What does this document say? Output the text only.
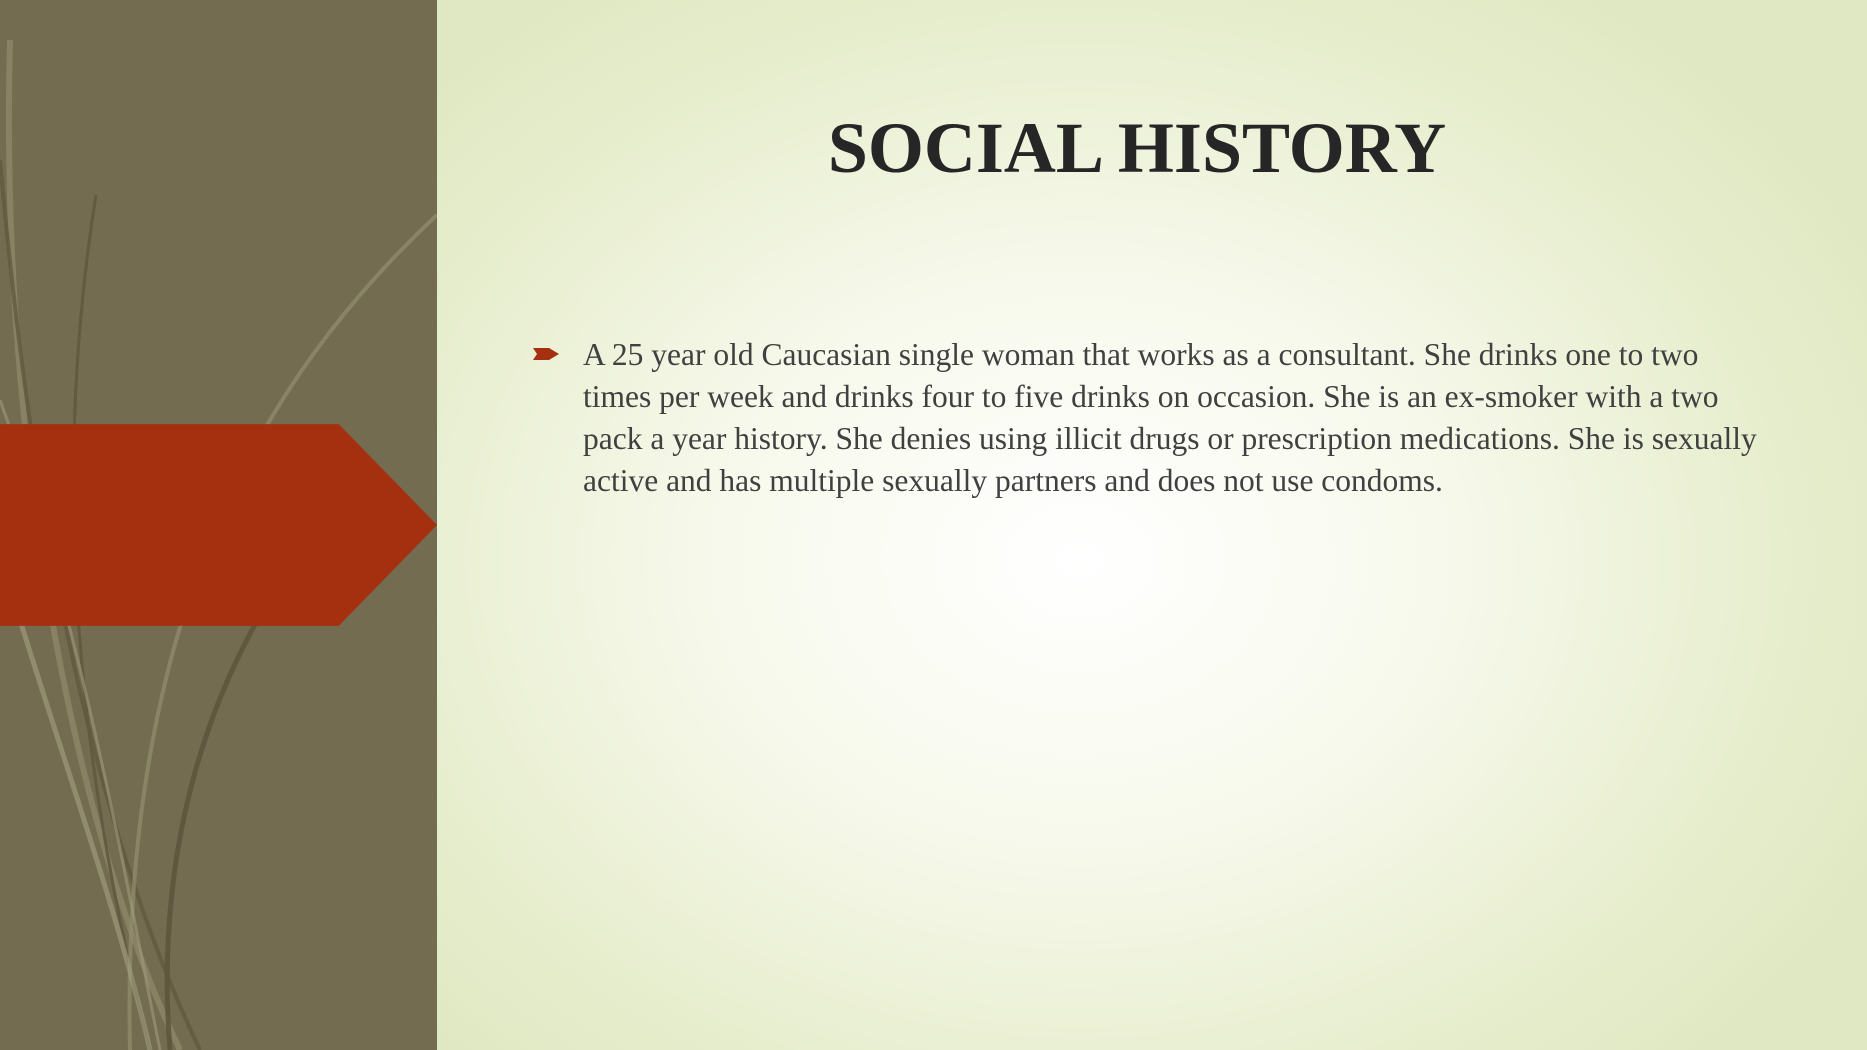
SOCIAL HISTORY
A 25 year old Caucasian single woman that works as a consultant. She drinks one to two times per week and drinks four to five drinks on occasion. She is an ex-smoker with a two pack a year history. She denies using illicit drugs or prescription medications. She is sexually active and has multiple sexually partners and does not use condoms.
